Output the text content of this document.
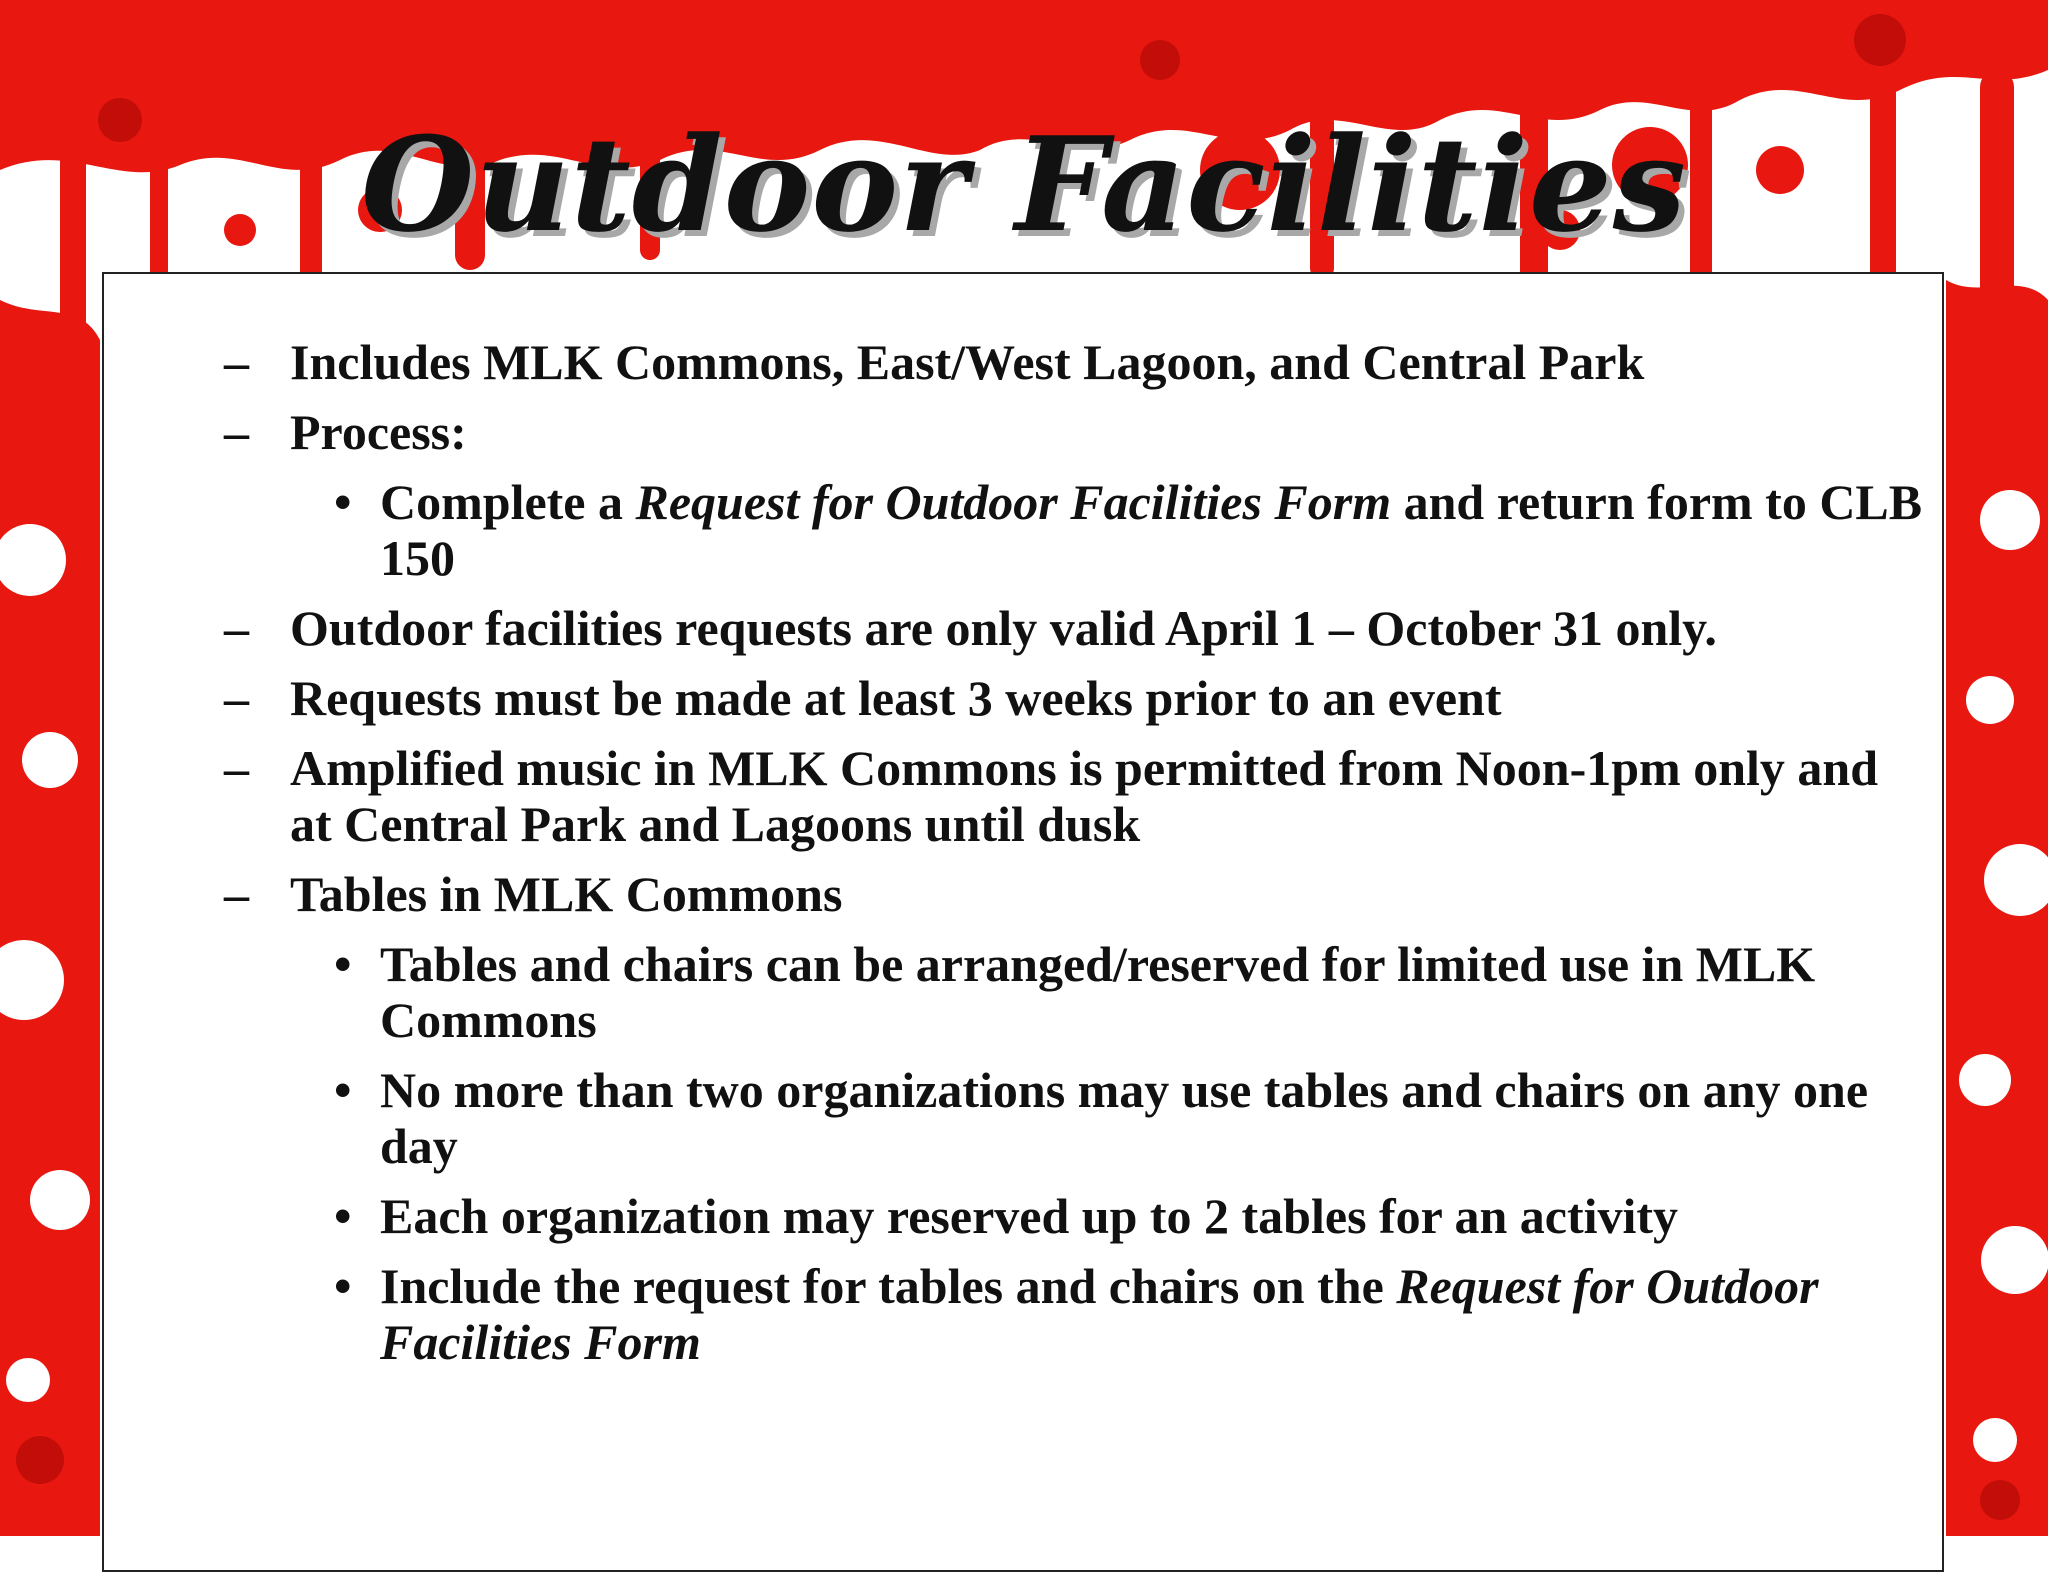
Outdoor Facilities
– Includes MLK Commons, East/West Lagoon, and Central Park
– Process:
• Complete a Request for Outdoor Facilities Form and return form to CLB 150
– Outdoor facilities requests are only valid April 1 – October 31 only.
– Requests must be made at least 3 weeks prior to an event
– Amplified music in MLK Commons is permitted from Noon-1pm only and at Central Park and Lagoons until dusk
– Tables in MLK Commons
• Tables and chairs can be arranged/reserved for limited use in MLK Commons
• No more than two organizations may use tables and chairs on any one day
• Each organization may reserved up to 2 tables for an activity
• Include the request for tables and chairs on the Request for Outdoor Facilities Form
